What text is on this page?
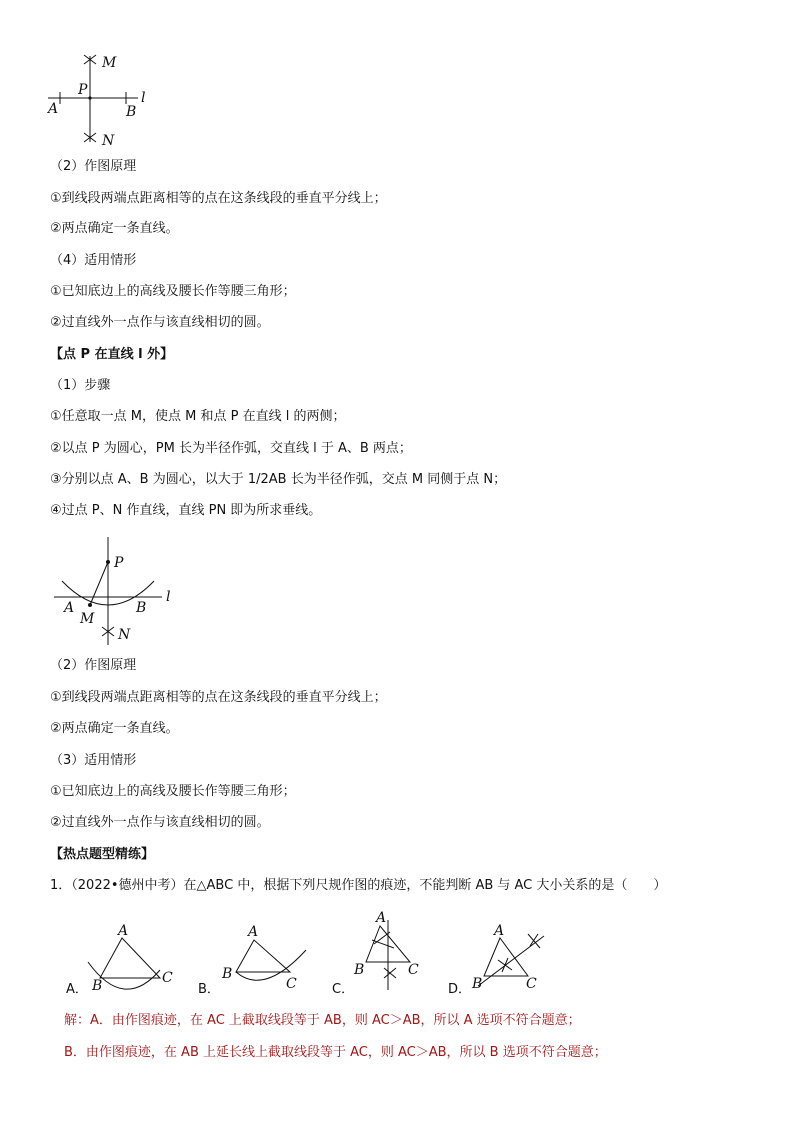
M
P
A	B
l
N
（2）作图原理
①到线段两端点距离相等的点在这条线段的垂直平分线上；
②两点确定一条直线。
（4）适用情形
①已知底边上的高线及腰长作等腰三角形；
②过直线外一点作与该直线相切的圆。
【点 P 在直线 l 外】
（1）步骤
①任意取一点 M，使点 M 和点 P 在直线 l 的两侧；
②以点 P 为圆心，PM 长为半径作弧，交直线 l 于 A、B 两点；
③分别以点 A、B 为圆心，以大于 1/2AB 长为半径作弧，交点 M 同侧于点 N；
④过点 P、N 作直线，直线 PN 即为所求垂线。
P
A
M
B
l
N
（2）作图原理
①到线段两端点距离相等的点在这条线段的垂直平分线上；
②两点确定一条直线。
（3）适用情形
①已知底边上的高线及腰长作等腰三角形；
②过直线外一点作与该直线相切的圆。
【热点题型精练】
1．（2022•德州中考）在△ABC 中，根据下列尺规作图的痕迹，不能判断 AB 与 AC 大小关系的是（　　）
A．
A
B	C
B．
A
B
C	C．
A
B	C
D．
A
B	C
解：A．由作图痕迹，在 AC 上截取线段等于 AB，则 AC＞AB，所以 A 选项不符合题意；
B．由作图痕迹，在 AB 上延长线上截取线段等于 AC，则 AC＞AB，所以 B 选项不符合题意；
